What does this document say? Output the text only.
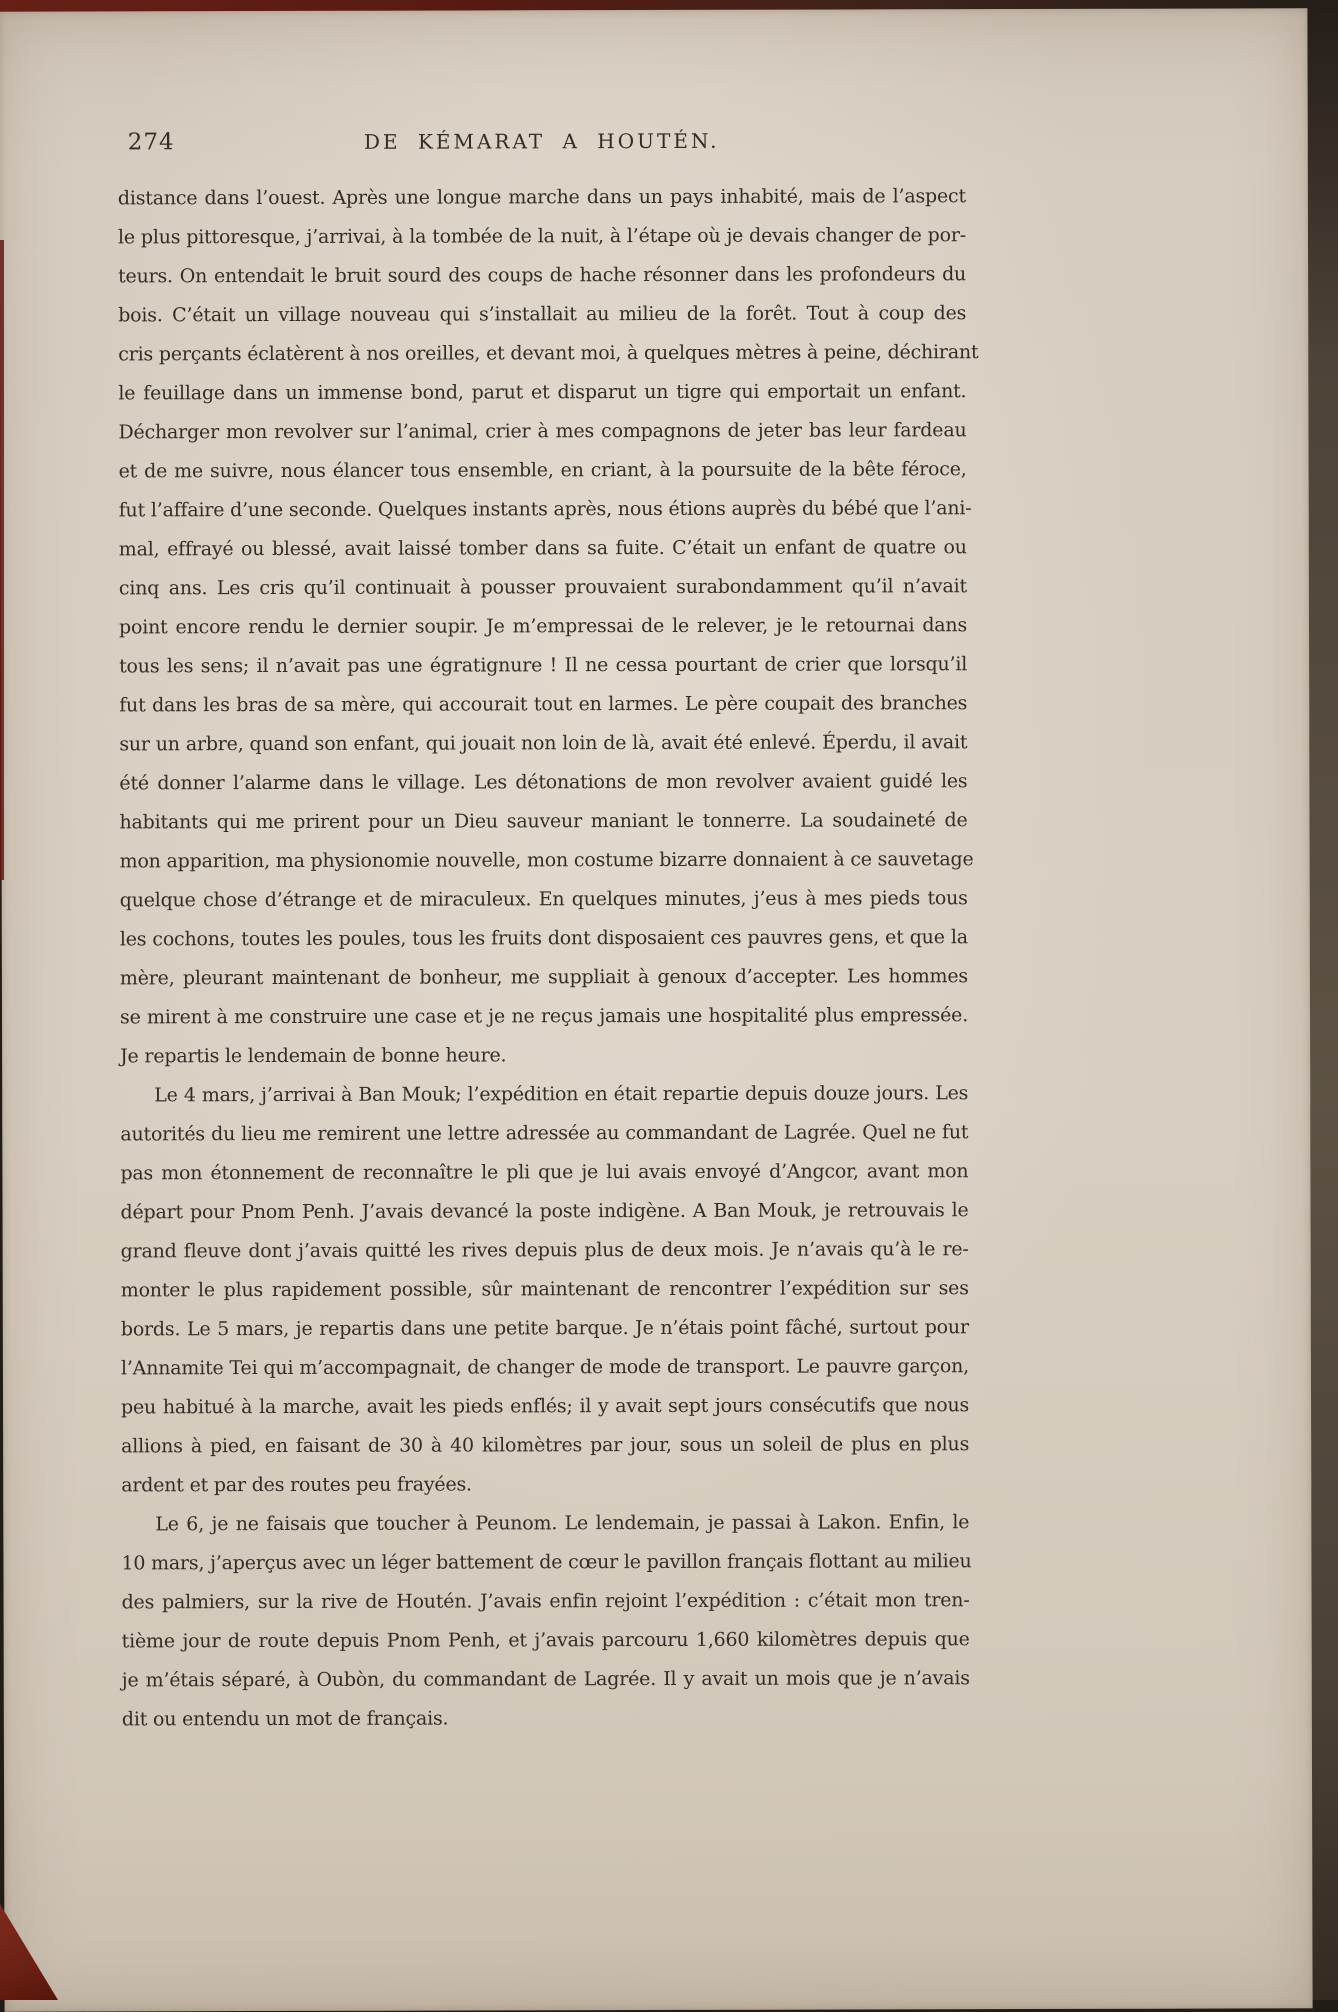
274	DE KÉMARAT A HOUTÉN.
distance dans l’ouest. Après une longue marche dans un pays inhabité, mais de l’aspect
le plus pittoresque, j’arrivai, à la tombée de la nuit, à l’étape où je devais changer de por-
teurs. On entendait le bruit sourd des coups de hache résonner dans les profondeurs du
bois. C’était un village nouveau qui s’installait au milieu de la forêt. Tout à coup des
cris perçants éclatèrent à nos oreilles, et devant moi, à quelques mètres à peine, déchirant
le feuillage dans un immense bond, parut et disparut un tigre qui emportait un enfant.
Décharger mon revolver sur l’animal, crier à mes compagnons de jeter bas leur fardeau
et de me suivre, nous élancer tous ensemble, en criant, à la poursuite de la bête féroce,
fut l’affaire d’une seconde. Quelques instants après, nous étions auprès du bébé que l’ani-
mal, effrayé ou blessé, avait laissé tomber dans sa fuite. C’était un enfant de quatre ou
cinq ans. Les cris qu’il continuait à pousser prouvaient surabondamment qu’il n’avait
point encore rendu le dernier soupir. Je m’empressai de le relever, je le retournai dans
tous les sens; il n’avait pas une égratignure ! Il ne cessa pourtant de crier que lorsqu’il
fut dans les bras de sa mère, qui accourait tout en larmes. Le père coupait des branches
sur un arbre, quand son enfant, qui jouait non loin de là, avait été enlevé. Éperdu, il avait
été donner l’alarme dans le village. Les détonations de mon revolver avaient guidé les
habitants qui me prirent pour un Dieu sauveur maniant le tonnerre. La soudaineté de
mon apparition, ma physionomie nouvelle, mon costume bizarre donnaient à ce sauvetage
quelque chose d’étrange et de miraculeux. En quelques minutes, j’eus à mes pieds tous
les cochons, toutes les poules, tous les fruits dont disposaient ces pauvres gens, et que la
mère, pleurant maintenant de bonheur, me suppliait à genoux d’accepter. Les hommes
se mirent à me construire une case et je ne reçus jamais une hospitalité plus empressée.
Je repartis le lendemain de bonne heure.
Le 4 mars, j’arrivai à Ban Mouk; l’expédition en était repartie depuis douze jours. Les
autorités du lieu me remirent une lettre adressée au commandant de Lagrée. Quel ne fut
pas mon étonnement de reconnaître le pli que je lui avais envoyé d’Angcor, avant mon
départ pour Pnom Penh. J’avais devancé la poste indigène. A Ban Mouk, je retrouvais le
grand fleuve dont j’avais quitté les rives depuis plus de deux mois. Je n’avais qu’à le re-
monter le plus rapidement possible, sûr maintenant de rencontrer l’expédition sur ses
bords. Le 5 mars, je repartis dans une petite barque. Je n’étais point fâché, surtout pour
l’Annamite Tei qui m’accompagnait, de changer de mode de transport. Le pauvre garçon,
peu habitué à la marche, avait les pieds enflés; il y avait sept jours consécutifs que nous
allions à pied, en faisant de 30 à 40 kilomètres par jour, sous un soleil de plus en plus
ardent et par des routes peu frayées.
Le 6, je ne faisais que toucher à Peunom. Le lendemain, je passai à Lakon. Enfin, le
10 mars, j’aperçus avec un léger battement de cœur le pavillon français flottant au milieu
des palmiers, sur la rive de Houtén. J’avais enfin rejoint l’expédition : c’était mon tren-
tième jour de route depuis Pnom Penh, et j’avais parcouru 1,660 kilomètres depuis que
je m’étais séparé, à Oubòn, du commandant de Lagrée. Il y avait un mois que je n’avais
dit ou entendu un mot de français.
